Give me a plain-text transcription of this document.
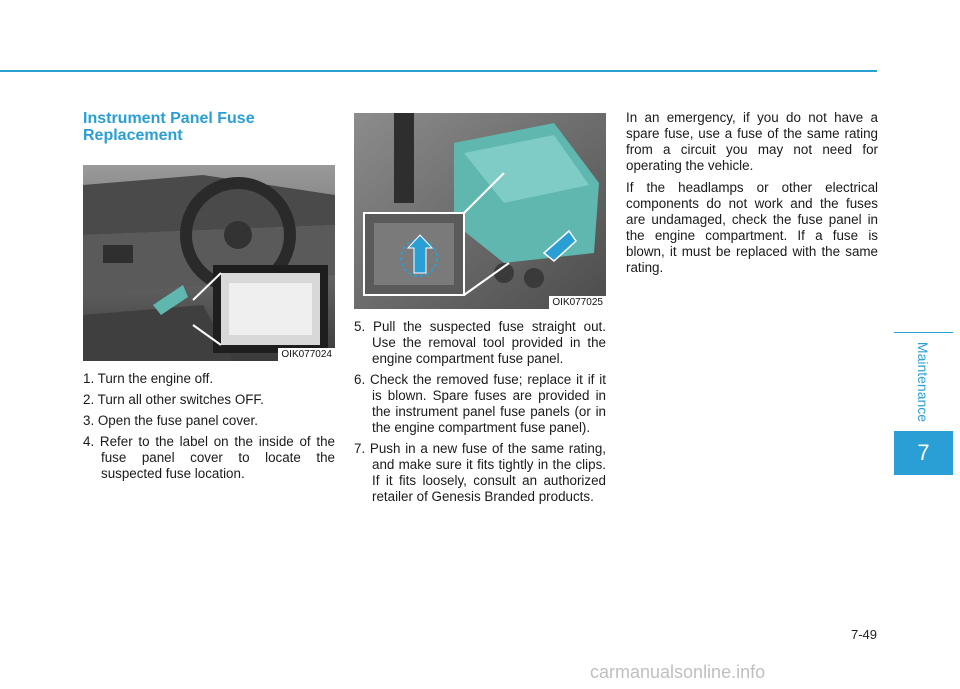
Instrument Panel Fuse Replacement
OIK077024
1. Turn the engine off.
2. Turn all other switches OFF.
3. Open the fuse panel cover.
4. Refer to the label on the inside of the fuse panel cover to locate the suspected fuse location.
OIK077025
5. Pull the suspected fuse straight out. Use the removal tool provided in the engine compartment fuse panel.
6. Check the removed fuse; replace it if it is blown. Spare fuses are provided in the instrument panel fuse panels (or in the engine compartment fuse panel).
7. Push in a new fuse of the same rating, and make sure it fits tightly in the clips. If it fits loosely, consult an authorized retailer of Genesis Branded products.

In an emergency, if you do not have a spare fuse, use a fuse of the same rating from a circuit you may not need for operating the vehicle.

If the headlamps or other electrical components do not work and the fuses are undamaged, check the fuse panel in the engine compartment. If a fuse is blown, it must be replaced with the same rating.

Maintenance
7
7-49
carmanualsonline.info
